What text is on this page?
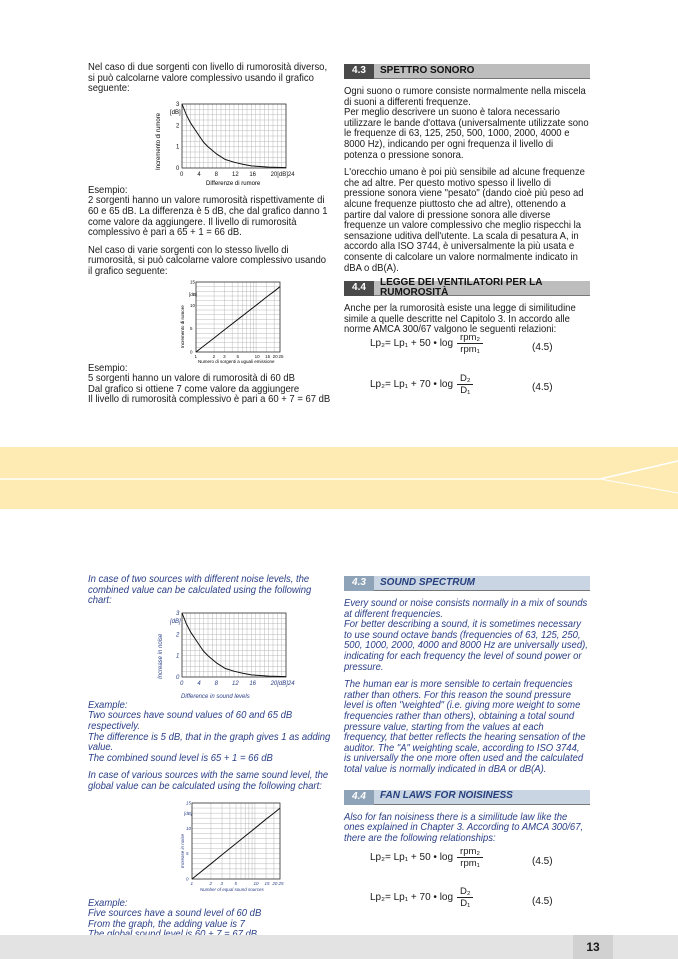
Nel caso di due sorgenti con livello di rumorosità diverso, si può calcolarne valore complessivo usando il grafico seguente:

Incremento di rumore [dB]
Differenze di rumore
0 4 8 12 16 20[dB]24
0
1
2
3

Esempio:

2 sorgenti hanno un valore rumorosità rispettivamente di 60 e 65 dB. La differenza è 5 dB, che dal grafico danno 1 come valore da aggiungere. Il livello di rumorosità complessivo è pari a 65 + 1 = 66 dB.

Nel caso di varie sorgenti con lo stesso livello di rumorosità, si può calcolarne valore complessivo usando il grafico seguente:

Incremento di rumore
[dB]
Numero di sorgenti a uguali emissione
1	2 3 5	10 15 20 25
0
5
10
15

Esempio:

5 sorgenti hanno un valore di rumorosità di 60 dB

Dal grafico si ottiene 7 come valore da aggiungere

Il livello di rumorosità complessivo è pari a 60 + 7 = 67 dB

4.3	SPETTRO SONORO

Ogni suono o rumore consiste normalmente nella miscela di suoni a differenti frequenze.

Per meglio descrivere un suono è talora necessario utilizzare le bande d'ottava (universalmente utilizzate sono le frequenze di 63, 125, 250, 500, 1000, 2000, 4000 e 8000 Hz), indicando per ogni frequenza il livello di potenza o pressione sonora.

L'orecchio umano è poi più sensibile ad alcune frequenze che ad altre. Per questo motivo spesso il livello di pressione sonora viene "pesato" (dando cioè più peso ad alcune frequenze piuttosto che ad altre), ottenendo a partire dal valore di pressione sonora alle diverse frequenze un valore complessivo che meglio rispecchi la sensazione uditiva dell'utente. La scala di pesatura A, in accordo alla ISO 3744, è universalmente la più usata e consente di calcolare un valore normalmente indicato in dBA o dB(A).

4.4
LEGGE DEI VENTILATORI PER LA RUMOROSITÀ

Anche per la rumorosità esiste una legge di similitudine simile a quelle descritte nel Capitolo 3. In accordo alle norme AMCA 300/67 valgono le seguenti relazioni:

Lp₂= Lp₁ + 50 • $\log \frac{\text{rpm₂}}{\text{rpm₁}}$	(4.5)
Lp₂= Lp₁ + 70 • $\log \frac{\text{D₂}}{\text{D₁}}$	(4.5)

In case of two sources with different noise levels, the combined value can be calculated using the following chart:

Increase in noise
[dB]
Difference in sound levels
0 4 8 12 16 20[dB]24
0
1
2
3

Example:

Two sources have sound values of 60 and 65 dB respectively.

The difference is 5 dB, that in the graph gives 1 as adding value.

The combined sound level is 65 + 1 = 66 dB

In case of various sources with the same sound level, the global value can be calculated using the following chart:

Increase in noise
[dB]
Number of equal sound sources
1	2 3	5	10 15 20 25
0
5
10
15

Example:

Five sources have a sound level of 60 dB

From the graph, the adding value is 7

4.3	SOUND SPECTRUM

Every sound or noise consists normally in a mix of sounds at different frequencies.

For better describing a sound, it is sometimes necessary to use sound octave bands (frequencies of 63, 125, 250, 500, 1000, 2000, 4000 and 8000 Hz are universally used), indicating for each frequency the level of sound power or pressure.

The human ear is more sensible to certain frequencies rather than others. For this reason the sound pressure level is often "weighted" (i.e. giving more weight to some frequencies rather than others), obtaining a total sound pressure value, starting from the values at each frequency, that better reflects the hearing sensation of the auditor. The "A" weighting scale, according to ISO 3744, is universally the one more often used and the calculated total value is normally indicated in dBA or dB(A).

4.4	FAN LAWS FOR NOISINESS

Also for fan noisiness there is a similitude law like the ones explained in Chapter 3. According to AMCA 300/67, there are the following relationships:

Lp₂= Lp₁ + 50 • $\log \frac{\text{rpm₂}}{\text{rpm₁}}$	(4.5)
Lp₂= Lp₁ + 70 • $\log \frac{\text{D₂}}{\text{D₁}}$	(4.5)
13
